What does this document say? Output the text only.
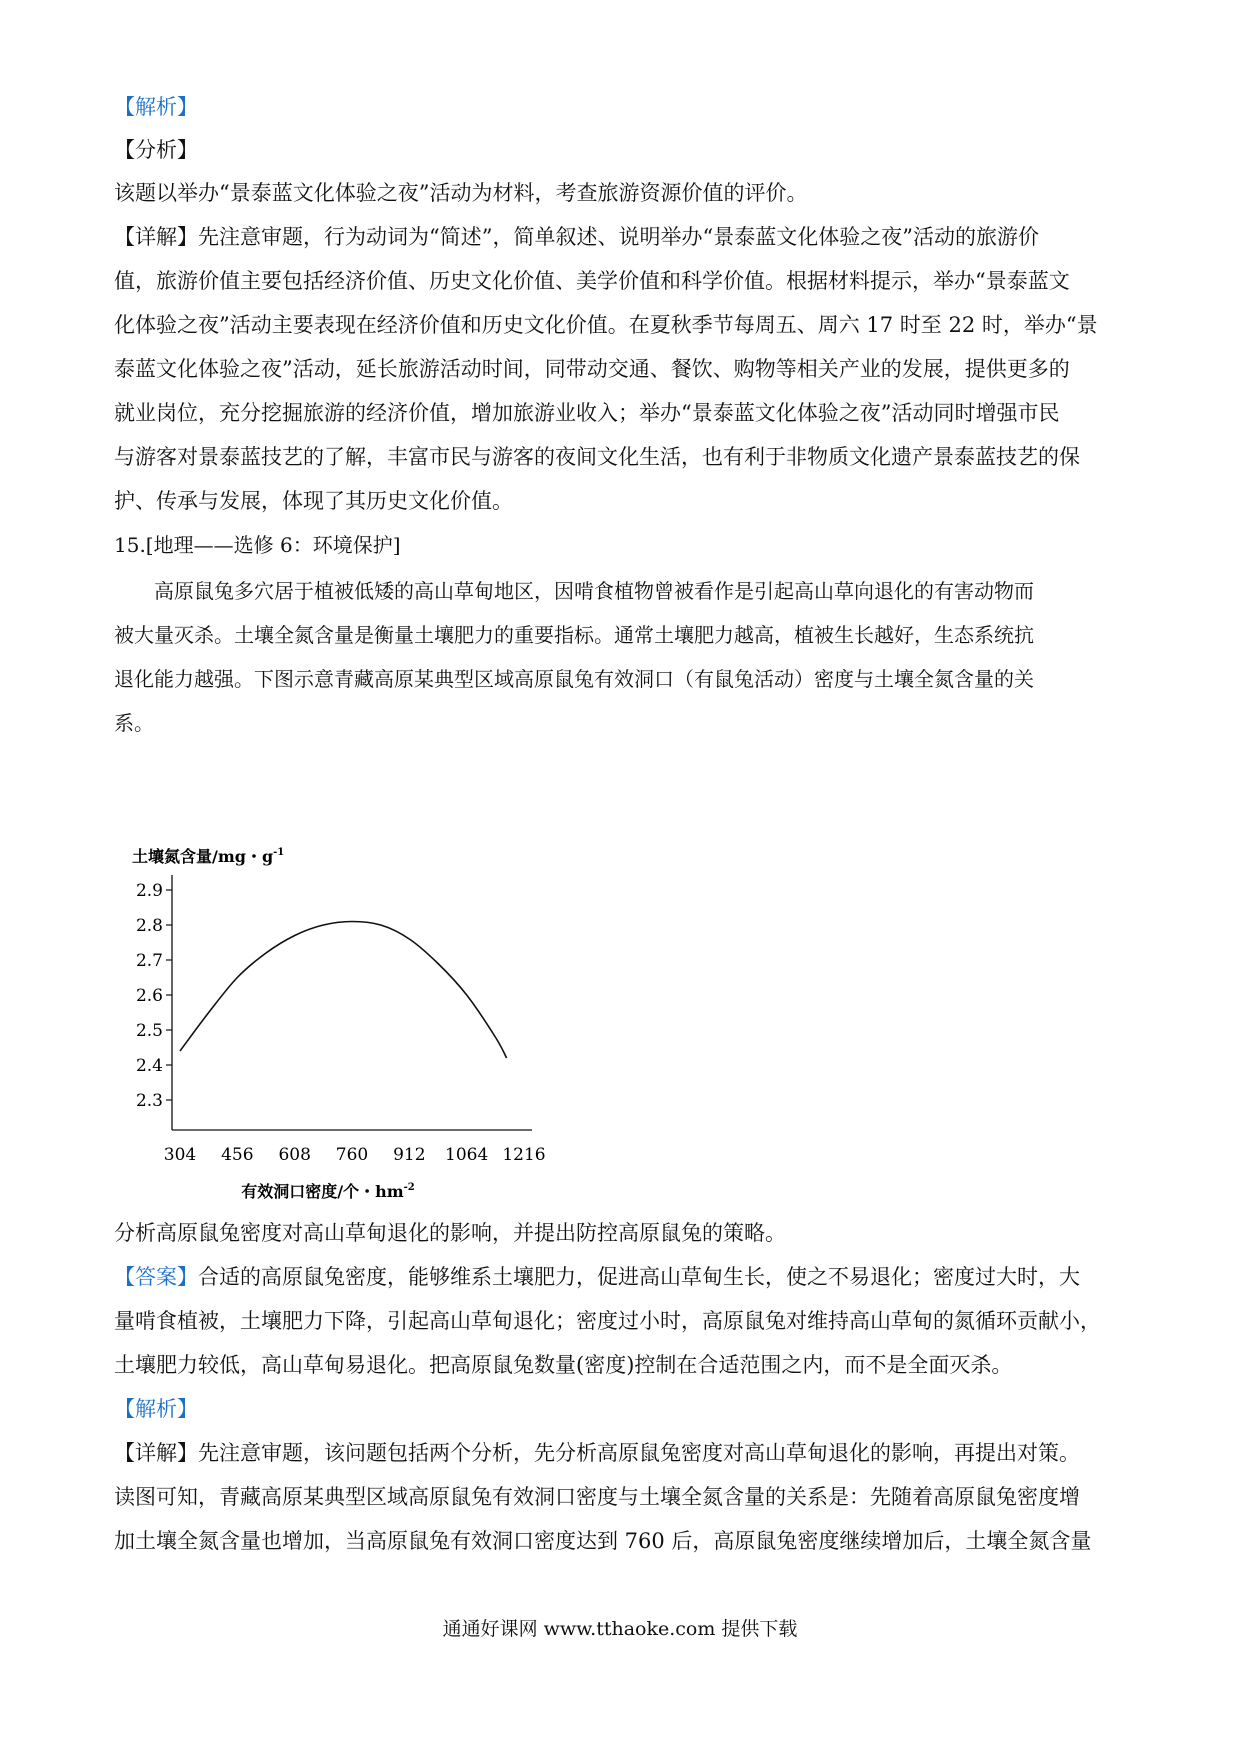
【解析】
【分析】
该题以举办“景泰蓝文化体验之夜”活动为材料，考查旅游资源价值的评价。
【详解】先注意审题，行为动词为“简述”，简单叙述、说明举办“景泰蓝文化体验之夜”活动的旅游价
值，旅游价值主要包括经济价值、历史文化价值、美学价值和科学价值。根据材料提示，举办“景泰蓝文
化体验之夜”活动主要表现在经济价值和历史文化价值。在夏秋季节每周五、周六 17 时至 22 时，举办“景
泰蓝文化体验之夜”活动，延长旅游活动时间，同带动交通、餐饮、购物等相关产业的发展，提供更多的
就业岗位，充分挖掘旅游的经济价值，增加旅游业收入；举办“景泰蓝文化体验之夜”活动同时增强市民
与游客对景泰蓝技艺的了解，丰富市民与游客的夜间文化生活，也有利于非物质文化遗产景泰蓝技艺的保
护、传承与发展，体现了其历史文化价值。
15.[地理——选修 6：环境保护]
高原鼠兔多穴居于植被低矮的高山草甸地区，因啃食植物曾被看作是引起高山草向退化的有害动物而
被大量灭杀。土壤全氮含量是衡量土壤肥力的重要指标。通常土壤肥力越高，植被生长越好，生态系统抗
退化能力越强。下图示意青藏高原某典型区域高原鼠兔有效洞口（有鼠兔活动）密度与土壤全氮含量的关
系。
土壤氮含量/mg・$g^{-1}$
2.3
2.4
2.5
2.6
2.7
2.8
2.9
304 456 608 760 912 1064 1216
有效洞口密度/个・$hm^{-2}$
分析高原鼠兔密度对高山草甸退化的影响，并提出防控高原鼠兔的策略。
【答案】合适的高原鼠兔密度，能够维系土壤肥力，促进高山草甸生长，使之不易退化；密度过大时，大
量啃食植被，土壤肥力下降，引起高山草甸退化；密度过小时，高原鼠兔对维持高山草甸的氮循环贡献小，
土壤肥力较低，高山草甸易退化。把高原鼠兔数量(密度)控制在合适范围之内，而不是全面灭杀。
【解析】
【详解】先注意审题，该问题包括两个分析，先分析高原鼠兔密度对高山草甸退化的影响，再提出对策。
读图可知，青藏高原某典型区域高原鼠兔有效洞口密度与土壤全氮含量的关系是：先随着高原鼠兔密度增
加土壤全氮含量也增加，当高原鼠兔有效洞口密度达到 760 后，高原鼠兔密度继续增加后，土壤全氮含量
通通好课网 www.tthaoke.com 提供下载
